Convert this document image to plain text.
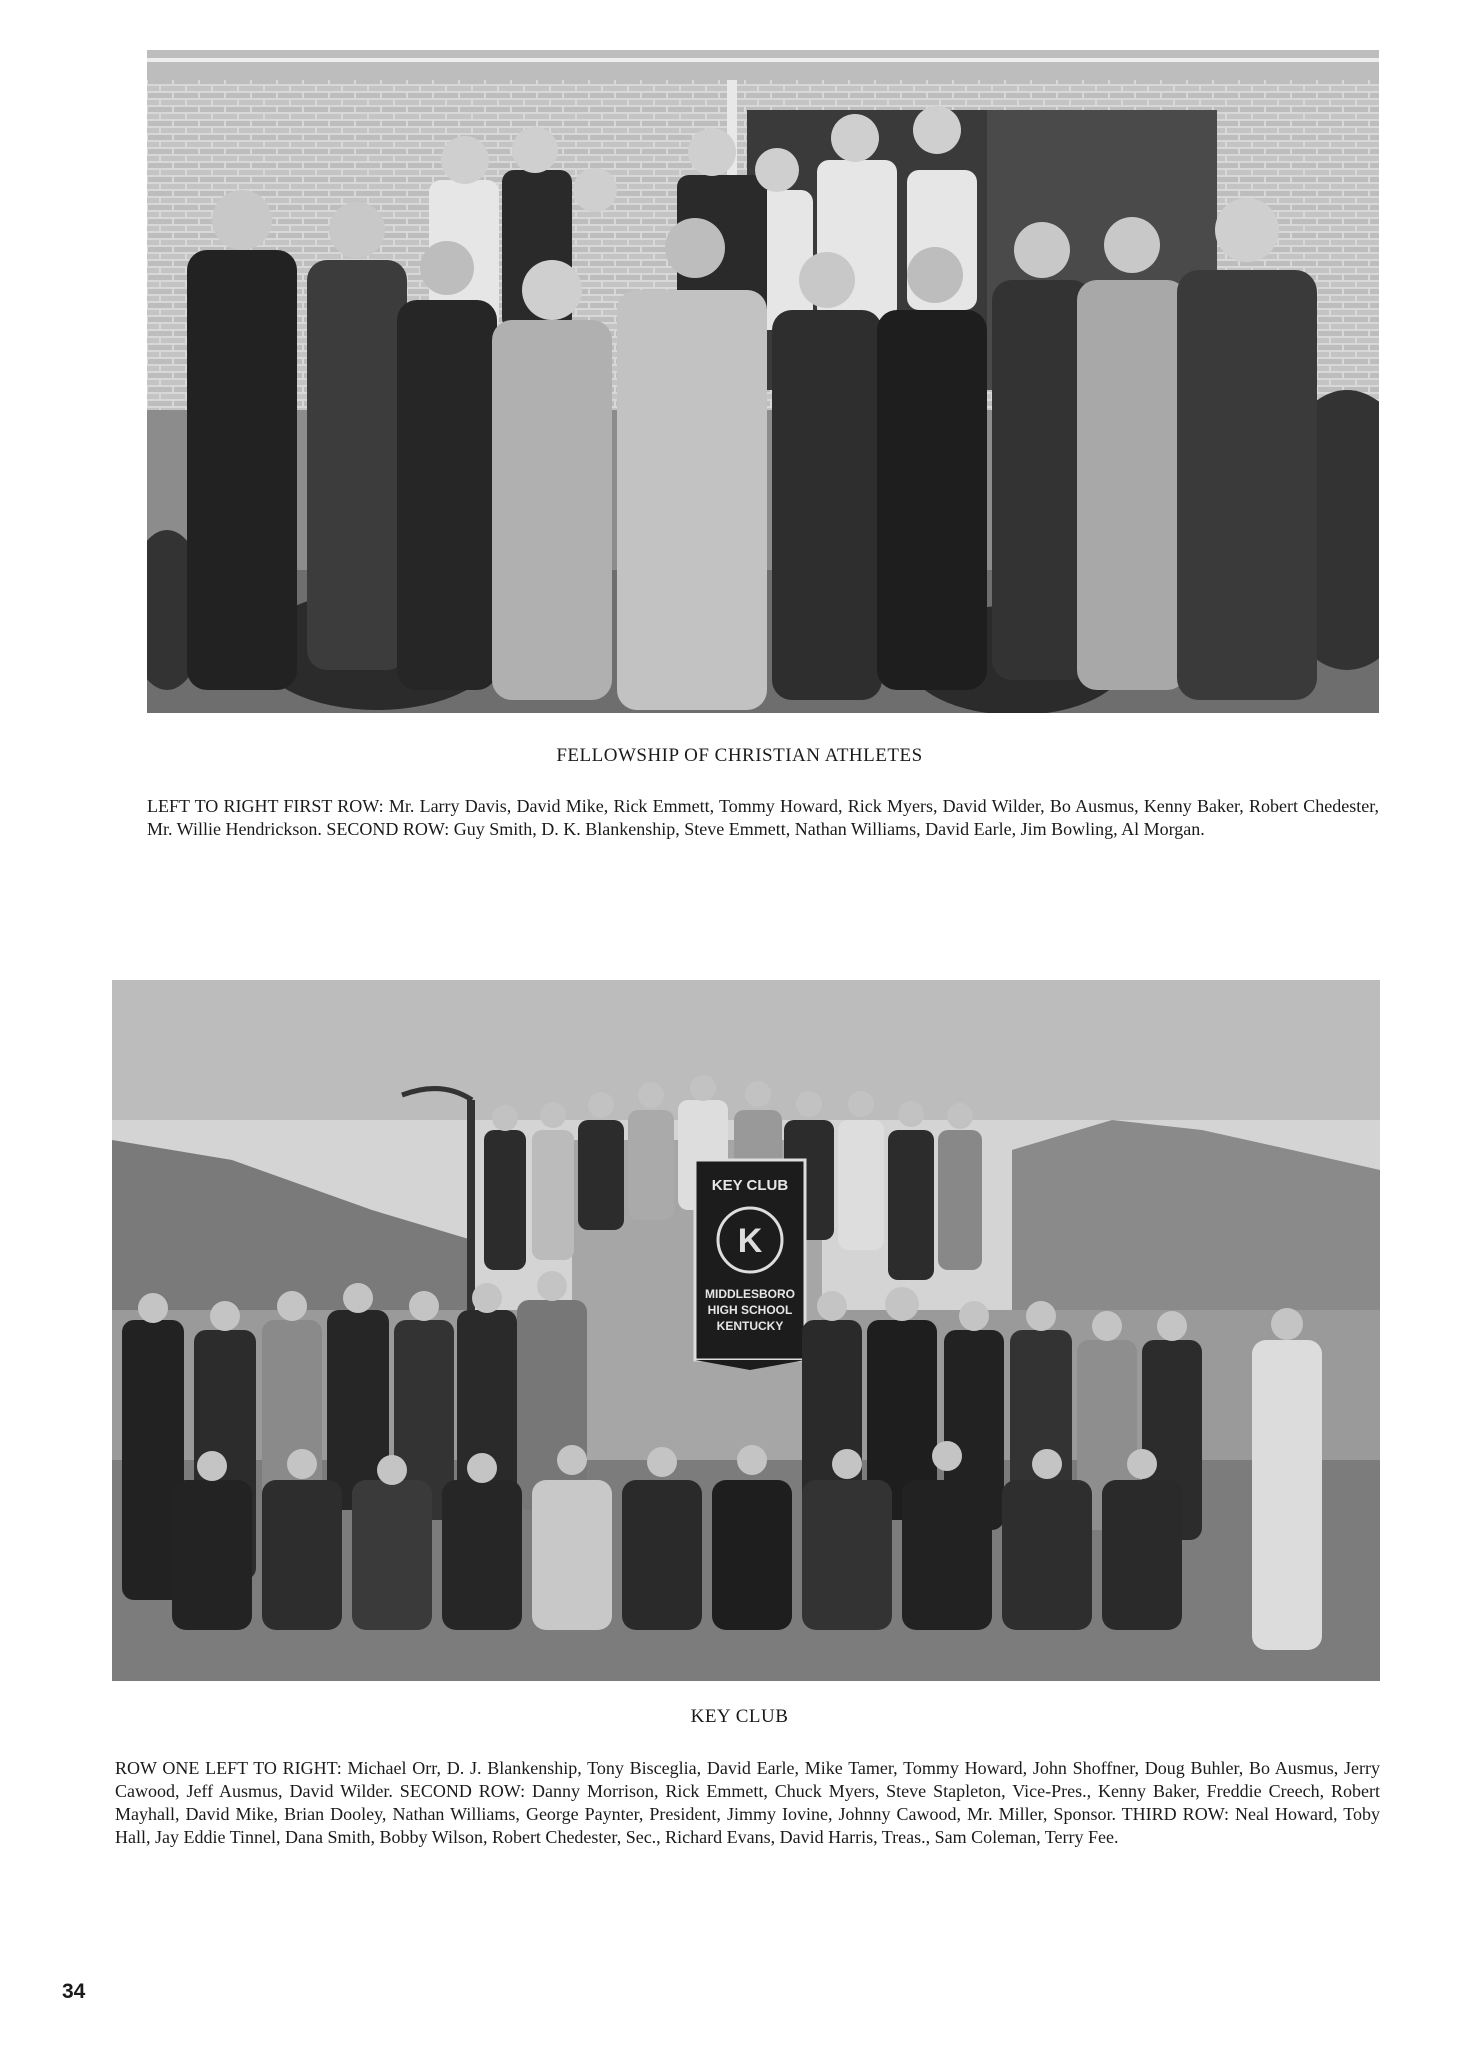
FELLOWSHIP OF CHRISTIAN ATHLETES
LEFT TO RIGHT FIRST ROW: Mr. Larry Davis, David Mike, Rick Emmett, Tommy Howard, Rick Myers, David Wilder, Bo Ausmus, Kenny Baker, Robert Chedester, Mr. Willie Hendrickson. SECOND ROW: Guy Smith, D. K. Blankenship, Steve Emmett, Nathan Williams, David Earle, Jim Bowling, Al Morgan.
K
KEY CLUB
MIDDLESBORO
HIGH SCHOOL
KENTUCKY
KEY CLUB
ROW ONE LEFT TO RIGHT: Michael Orr, D. J. Blankenship, Tony Bisceglia, David Earle, Mike Tamer, Tommy Howard, John Shoffner, Doug Buhler, Bo Ausmus, Jerry Cawood, Jeff Ausmus, David Wilder. SECOND ROW: Danny Morrison, Rick Emmett, Chuck Myers, Steve Stapleton, Vice-Pres., Kenny Baker, Freddie Creech, Robert Mayhall, David Mike, Brian Dooley, Nathan Williams, George Paynter, President, Jimmy Iovine, Johnny Cawood, Mr. Miller, Sponsor. THIRD ROW: Neal Howard, Toby Hall, Jay Eddie Tinnel, Dana Smith, Bobby Wilson, Robert Chedester, Sec., Richard Evans, David Harris, Treas., Sam Coleman, Terry Fee.
34
